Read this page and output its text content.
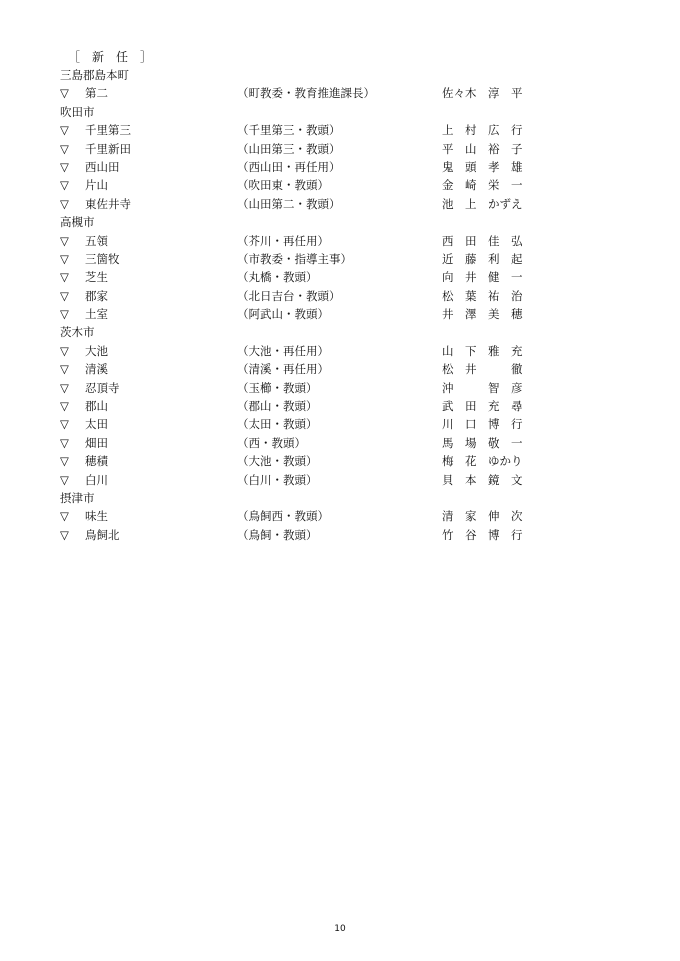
［　新　任　］
三島郡島本町
▽ 第二	（町教委・教育推進課長）	佐々木　淳　平
吹田市
▽ 千里第三	（千里第三・教頭）	上　村　広　行
▽ 千里新田	（山田第三・教頭）	平　山　裕　子
▽ 西山田	（西山田・再任用）	鬼　頭　孝　雄
▽ 片山	（吹田東・教頭）	金　崎　栄　一
▽ 東佐井寺	（山田第二・教頭）	池　上　かずえ
高槻市
▽ 五領	（芥川・再任用）	西　田　佳　弘
▽ 三箇牧	（市教委・指導主事）	近　藤　利　起
▽ 芝生	（丸橋・教頭）	向　井　健　一
▽ 郡家	（北日吉台・教頭）	松　葉　祐　治
▽ 土室	（阿武山・教頭）	井　澤　美　穂
茨木市
▽ 大池	（大池・再任用）	山　下　雅　充
▽ 清溪	（清溪・再任用）	松　井　　　徹
▽ 忍頂寺	（玉櫛・教頭）	沖　　　智　彦
▽ 郡山	（郡山・教頭）	武　田　充　尋
▽ 太田	（太田・教頭）	川　口　博　行
▽ 畑田	（西・教頭）	馬　場　敬　一
▽ 穂積	（大池・教頭）	梅　花　ゆかり
▽ 白川	（白川・教頭）	貝　本　鏡　文
摂津市
▽ 味生	（鳥飼西・教頭）	清　家　伸　次
▽ 鳥飼北	（鳥飼・教頭）	竹　谷　博　行
10
